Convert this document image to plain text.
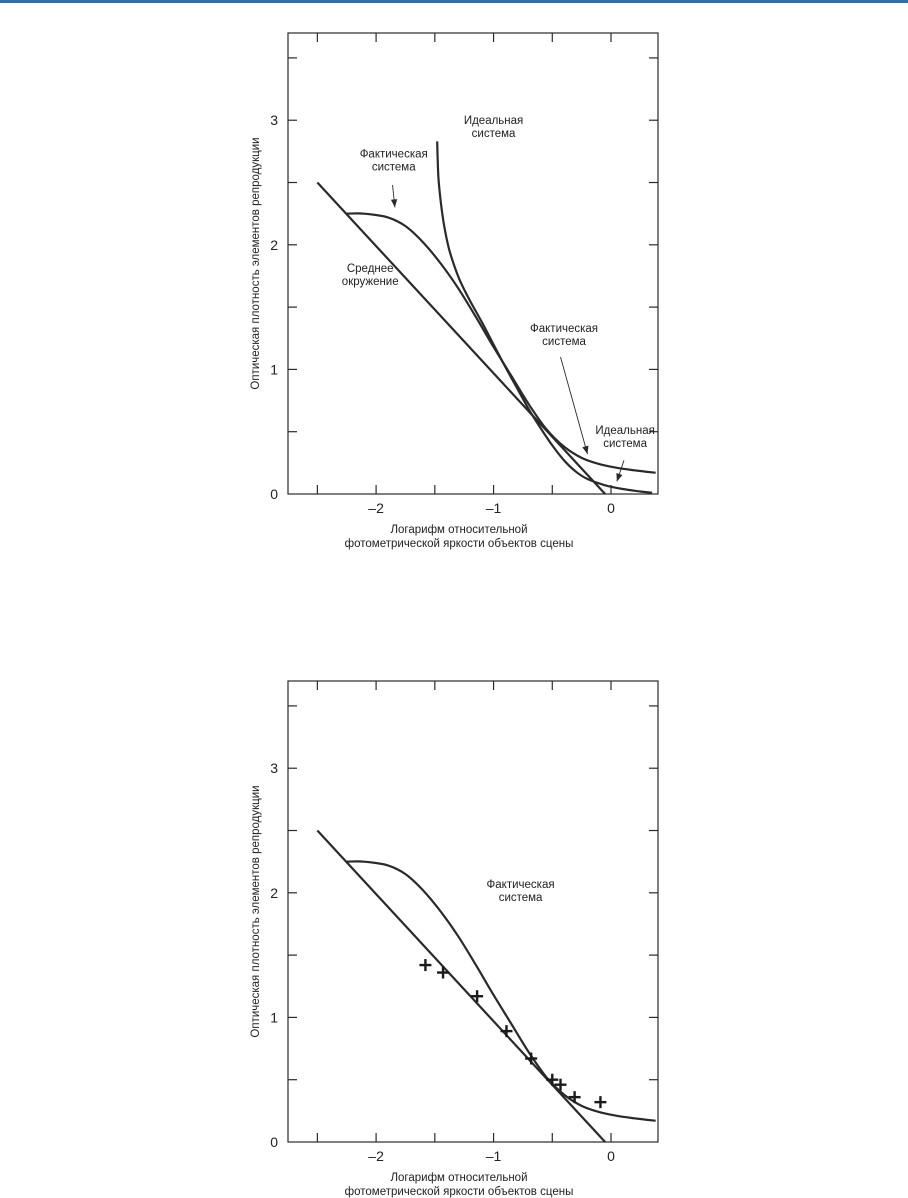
–2	–1	0
0
1
2
3
Логарифм относительной
фотометрической яркости объектов сцены
Оптическая плотность элементов репродукции
Идеальная
система
Фактическая
система
Среднее
окружение
Фактическая
система
Идеальная
система
–2	–1	0
0
1
2
3
Логарифм относительной
фотометрической яркости объектов сцены
Оптическая плотность элементов репродукции	Фактическая
система
